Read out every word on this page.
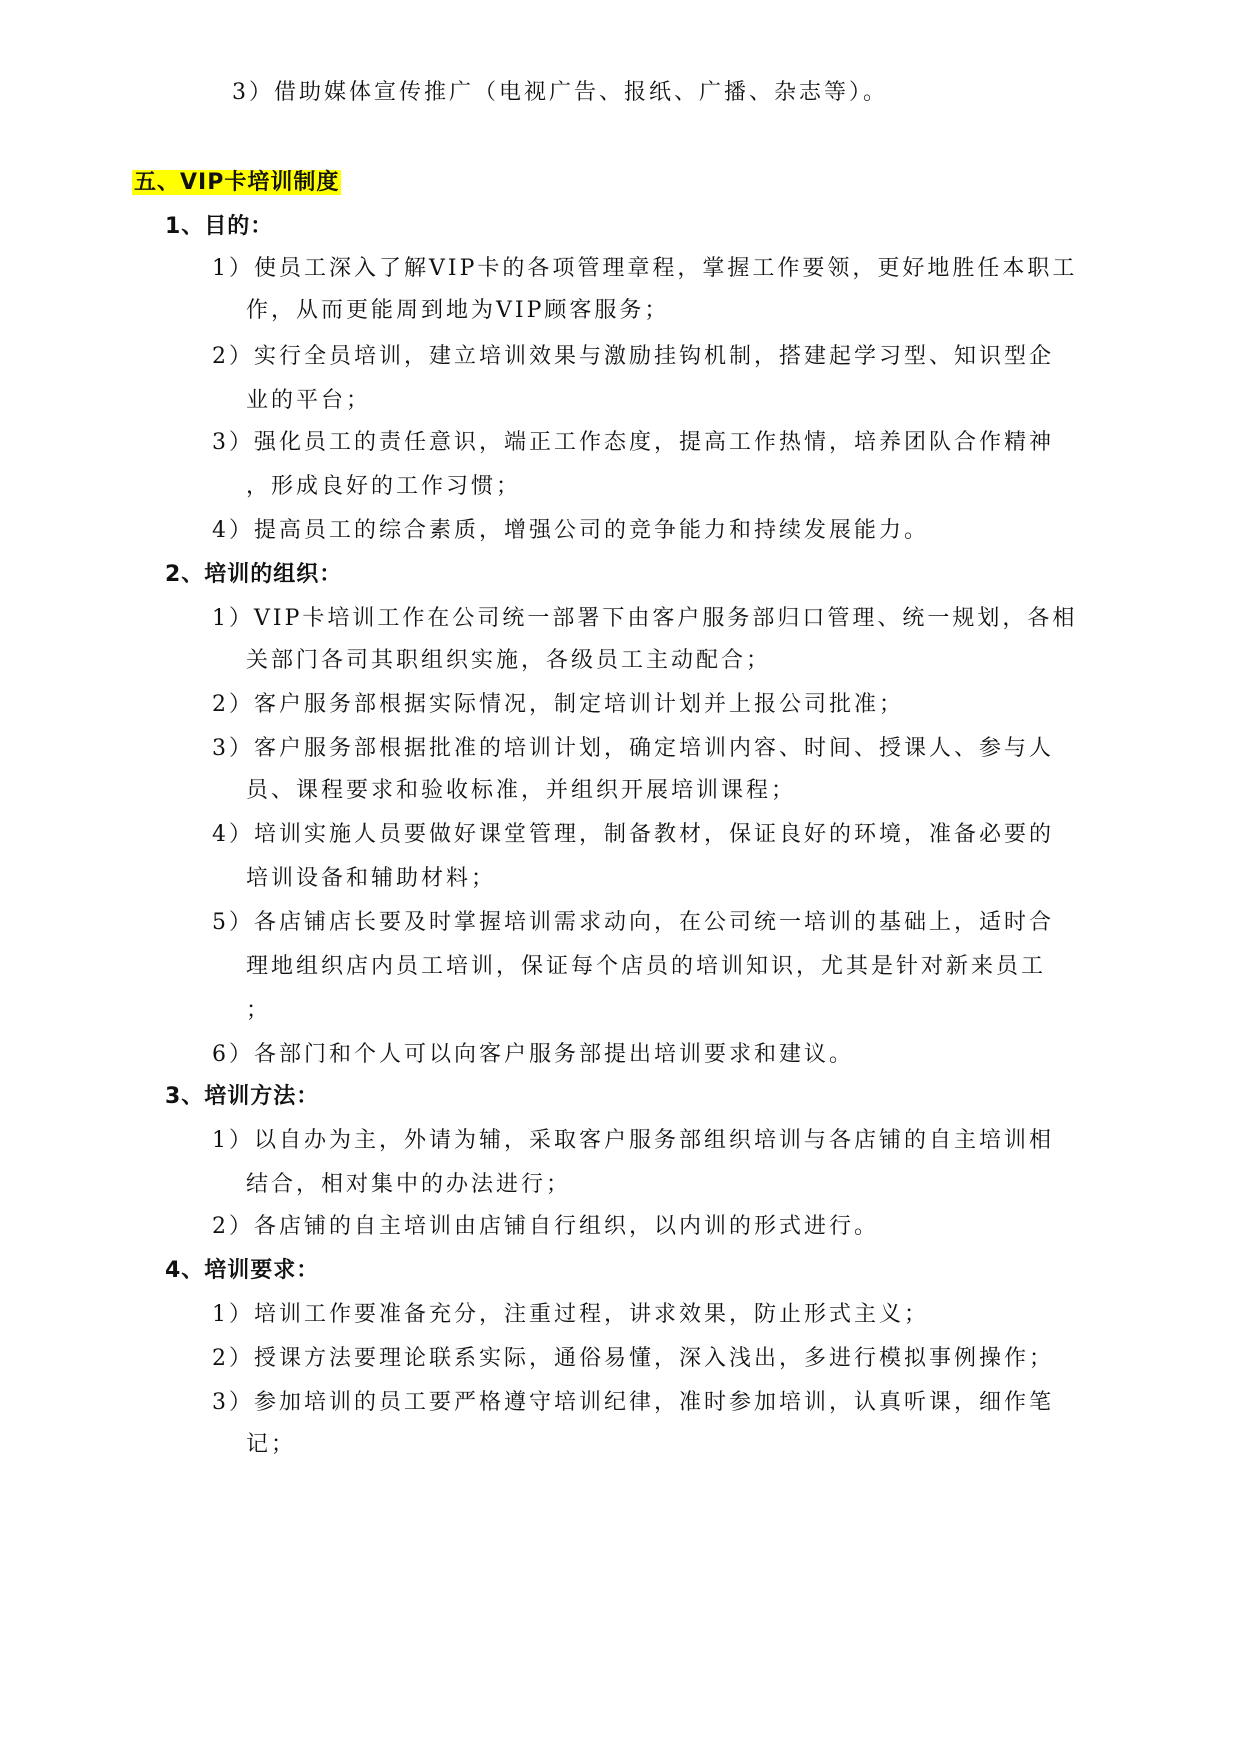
3）借助媒体宣传推广（电视广告、报纸、广播、杂志等）。
五、VIP卡培训制度
1、目的：
1）使员工深入了解VIP卡的各项管理章程，掌握工作要领，更好地胜任本职工
作，从而更能周到地为VIP顾客服务；
2）实行全员培训，建立培训效果与激励挂钩机制，搭建起学习型、知识型企
业的平台；
3）强化员工的责任意识，端正工作态度，提高工作热情，培养团队合作精神
，形成良好的工作习惯；
4）提高员工的综合素质，增强公司的竞争能力和持续发展能力。
2、培训的组织：
1）VIP卡培训工作在公司统一部署下由客户服务部归口管理、统一规划，各相
关部门各司其职组织实施，各级员工主动配合；
2）客户服务部根据实际情况，制定培训计划并上报公司批准；
3）客户服务部根据批准的培训计划，确定培训内容、时间、授课人、参与人
员、课程要求和验收标准，并组织开展培训课程；
4）培训实施人员要做好课堂管理，制备教材，保证良好的环境，准备必要的
培训设备和辅助材料；
5）各店铺店长要及时掌握培训需求动向，在公司统一培训的基础上，适时合
理地组织店内员工培训，保证每个店员的培训知识，尤其是针对新来员工
；
6）各部门和个人可以向客户服务部提出培训要求和建议。
3、培训方法：
1）以自办为主，外请为辅，采取客户服务部组织培训与各店铺的自主培训相
结合，相对集中的办法进行；
2）各店铺的自主培训由店铺自行组织，以内训的形式进行。
4、培训要求：
1）培训工作要准备充分，注重过程，讲求效果，防止形式主义；
2）授课方法要理论联系实际，通俗易懂，深入浅出，多进行模拟事例操作；
3）参加培训的员工要严格遵守培训纪律，准时参加培训，认真听课，细作笔
记；
